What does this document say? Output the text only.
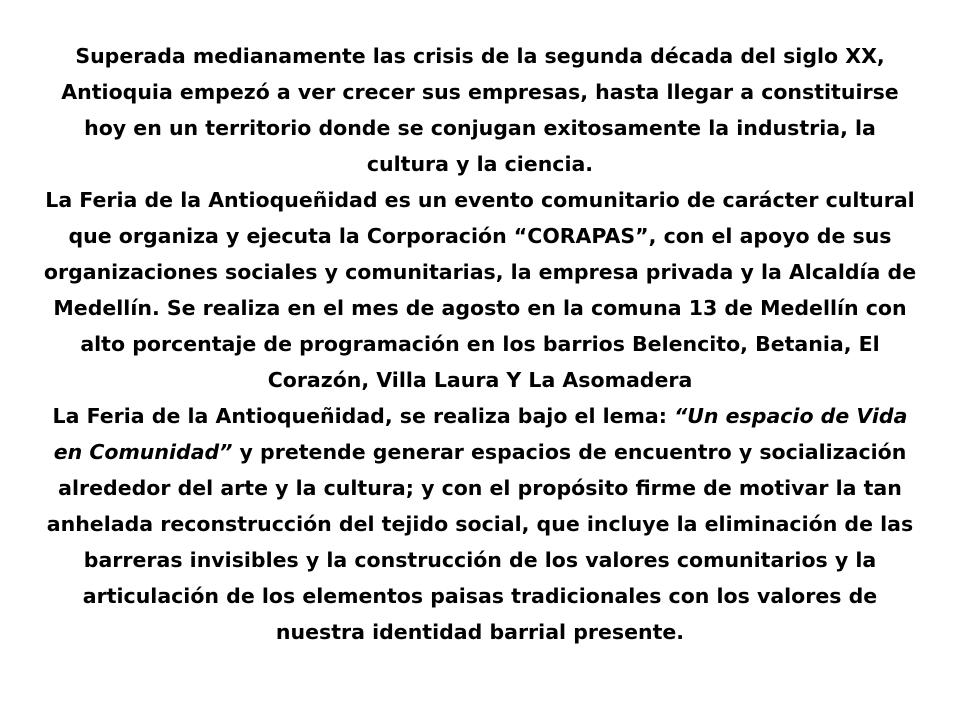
Superada medianamente las crisis de la segunda década del siglo XX, Antioquia empezó a ver crecer sus empresas, hasta llegar a constituirse hoy en un territorio donde se conjugan exitosamente la industria, la cultura y la ciencia.

La Feria de la Antioqueñidad es un evento comunitario de carácter cultural que organiza y ejecuta la Corporación “CORAPAS”, con el apoyo de sus organizaciones sociales y comunitarias, la empresa privada y la Alcaldía de Medellín. Se realiza en el mes de agosto en la comuna 13 de Medellín con alto porcentaje de programación en los barrios Belencito, Betania, El Corazón, Villa Laura Y La Asomadera

La Feria de la Antioqueñidad, se realiza bajo el lema: “Un espacio de Vida en Comunidad” y pretende generar espacios de encuentro y socialización alrededor del arte y la cultura; y con el propósito firme de motivar la tan anhelada reconstrucción del tejido social, que incluye la eliminación de las barreras invisibles y la construcción de los valores comunitarios y la articulación de los elementos paisas tradicionales con los valores de nuestra identidad barrial presente.
